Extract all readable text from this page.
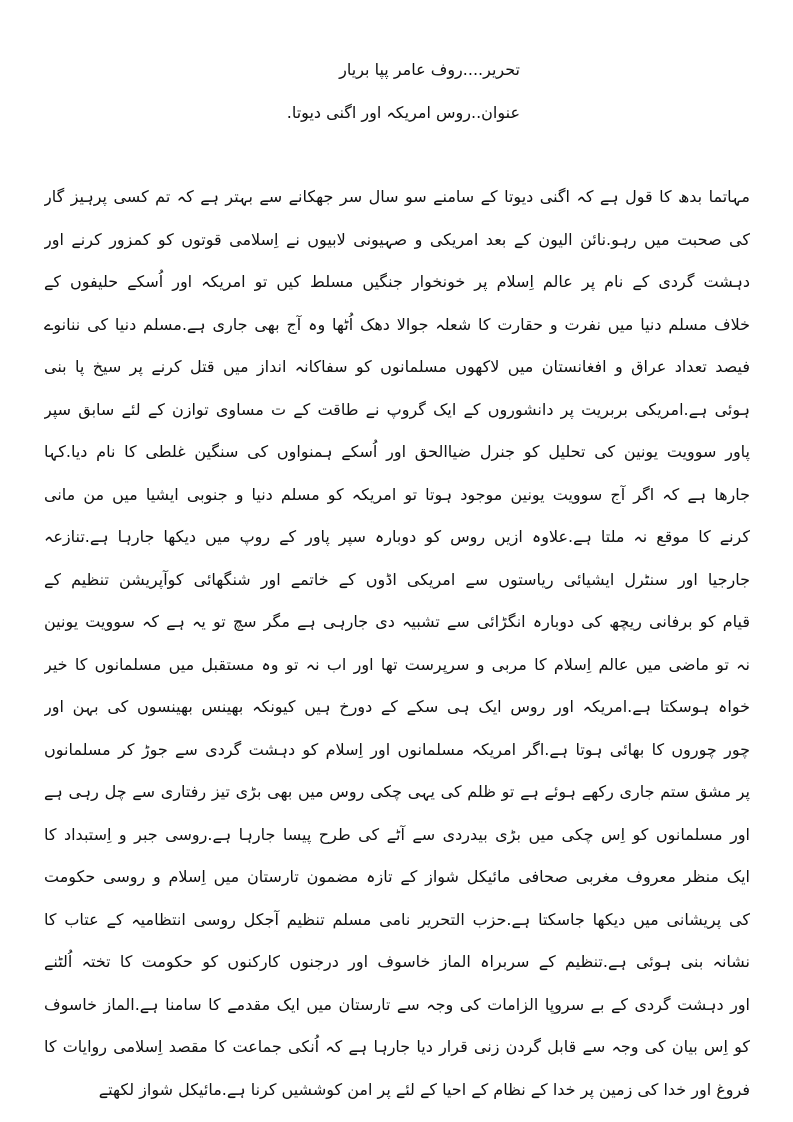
تحریر....روف عامر پپا بریار
عنوان..روس امریکہ اور اگنی دیوتا.
مہاتما بدھ کا قول ہے کہ اگنی دیوتا کے سامنے سو سال سر جھکانے سے بہتر ہے کہ تم کسی پرہیز گار
کی صحبت میں رہو.نائن الیون کے بعد امریکی و صہیونی لابیوں نے اِسلامی قوتوں کو کمزور کرنے اور
دہشت گردی کے نام پر عالم اِسلام پر خونخوار جنگیں مسلط کیں تو امریکہ اور اُسکے حلیفوں کے
خلاف مسلم دنیا میں نفرت و حقارت کا شعلہ جوالا دھک اُٹھا وہ آج بھی جاری ہے.مسلم دنیا کی ننانوے
فیصد تعداد عراق و افغانستان میں لاکھوں مسلمانوں کو سفاکانہ انداز میں قتل کرنے پر سیخ پا بنی
ہوئی ہے.امریکی بربریت پر دانشوروں کے ایک گروپ نے طاقت کے ت مساوی توازن کے لئے سابق سپر
پاور سوویت یونین کی تحلیل کو جنرل ضیاالحق اور اُسکے ہمنواوں کی سنگین غلطی کا نام دیا.کہا
جارھا ہے کہ اگر آج سوویت یونین موجود ہوتا تو امریکہ کو مسلم دنیا و جنوبی ایشیا میں من مانی
کرنے کا موقع نہ ملتا ہے.علاوہ ازیں روس کو دوبارہ سپر پاور کے روپ میں دیکھا جارہا ہے.تنازعہ
جارجیا اور سنٹرل ایشیائی ریاستوں سے امریکی اڈوں کے خاتمے اور شنگھائی کوآپریشن تنظیم کے
قیام کو برفانی ریچھ کی دوبارہ انگڑائی سے تشبیہ دی جارہی ہے مگر سچ تو یہ ہے کہ سوویت یونین
نہ تو ماضی میں عالم اِسلام کا مربی و سرپرست تھا اور اب نہ تو وہ مستقبل میں مسلمانوں کا خیر
خواہ ہوسکتا ہے.امریکہ اور روس ایک ہی سکے کے دورخ ہیں کیونکہ بھینس بھینسوں کی بہن اور
چور چوروں کا بھائی ہوتا ہے.اگر امریکہ مسلمانوں اور اِسلام کو دہشت گردی سے جوڑ کر مسلمانوں
پر مشق ستم جاری رکھے ہوئے ہے تو ظلم کی یہی چکی روس میں بھی بڑی تیز رفتاری سے چل رہی ہے
اور مسلمانوں کو اِس چکی میں بڑی بیدردی سے آٹے کی طرح پیسا جارہا ہے.روسی جبر و اِستبداد کا
ایک منظر معروف مغربی صحافی مائیکل شواز کے تازہ مضمون تارستان میں اِسلام و روسی حکومت
کی پریشانی میں دیکھا جاسکتا ہے.حزب التحریر نامی مسلم تنظیم آجکل روسی انتظامیہ کے عتاب کا
نشانہ بنی ہوئی ہے.تنظیم کے سربراہ الماز خاسوف اور درجنوں کارکنوں کو حکومت کا تختہ اُلٹنے
اور دہشت گردی کے بے سروپا الزامات کی وجہ سے تارستان میں ایک مقدمے کا سامنا ہے.الماز خاسوف
کو اِس بیان کی وجہ سے قابل گردن زنی قرار دیا جارہا ہے کہ اُنکی جماعت کا مقصد اِسلامی روایات کا
فروغ اور خدا کی زمین پر خدا کے نظام کے احیا کے لئے پر امن کوششیں کرنا ہے.مائیکل شواز لکھتے
